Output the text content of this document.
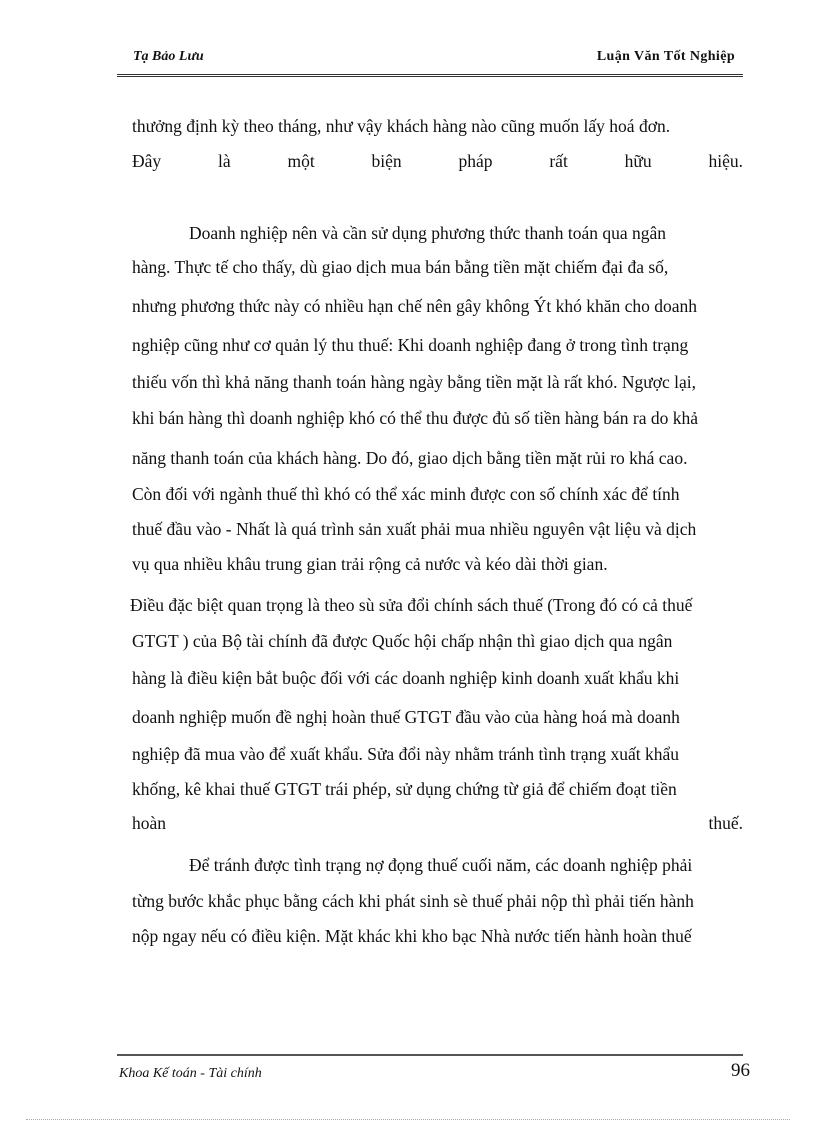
Tạ Bảo Lưu	Luận Văn Tốt Nghiệp
thưởng định kỳ theo tháng, như vậy khách hàng nào cũng muốn lấy hoá đơn.
Đây	là	một	biện	pháp	rất	hữu	hiệu.
Doanh nghiệp nên và cần sử dụng phương thức thanh toán qua ngân
hàng. Thực tế cho thấy, dù giao dịch mua bán bằng tiền mặt chiếm đại đa số,
nhưng phương thức này có nhiều hạn chế nên gây không Ýt khó khăn cho doanh
nghiệp cũng như cơ quản lý thu thuế: Khi doanh nghiệp đang ở trong tình trạng
thiếu vốn thì khả năng thanh toán hàng ngày bằng tiền mặt là rất khó. Ngược lại,
khi bán hàng thì doanh nghiệp khó có thể thu được đủ số tiền hàng bán ra do khả
năng thanh toán của khách hàng. Do đó, giao dịch bằng tiền mặt rủi ro khá cao.
Còn đối với ngành thuế thì khó có thể xác minh được con số chính xác để tính
thuế đầu vào - Nhất là quá trình sản xuất phải mua nhiều nguyên vật liệu và dịch
vụ qua nhiều khâu trung gian trải rộng cả nước và kéo dài thời gian.
Điều đặc biệt quan trọng là theo sù sửa đổi chính sách thuế (Trong đó có cả thuế
GTGT ) của Bộ tài chính đã được Quốc hội chấp nhận thì giao dịch qua ngân
hàng là điều kiện bắt buộc đối với các doanh nghiệp kinh doanh xuất khẩu khi
doanh nghiệp muốn đề nghị hoàn thuế GTGT đầu vào của hàng hoá mà doanh
nghiệp đã mua vào để xuất khẩu. Sửa đổi này nhằm tránh tình trạng xuất khẩu
khống, kê khai thuế GTGT trái phép, sử dụng chứng từ giả để chiếm đoạt tiền
hoàn	thuế.
Để tránh được tình trạng nợ đọng thuế cuối năm, các doanh nghiệp phải
từng bước khắc phục bằng cách khi phát sinh sè thuế phải nộp thì phải tiến hành
nộp ngay nếu có điều kiện. Mặt khác khi kho bạc Nhà nước tiến hành hoàn thuế
Khoa Kế toán - Tài chính	96
